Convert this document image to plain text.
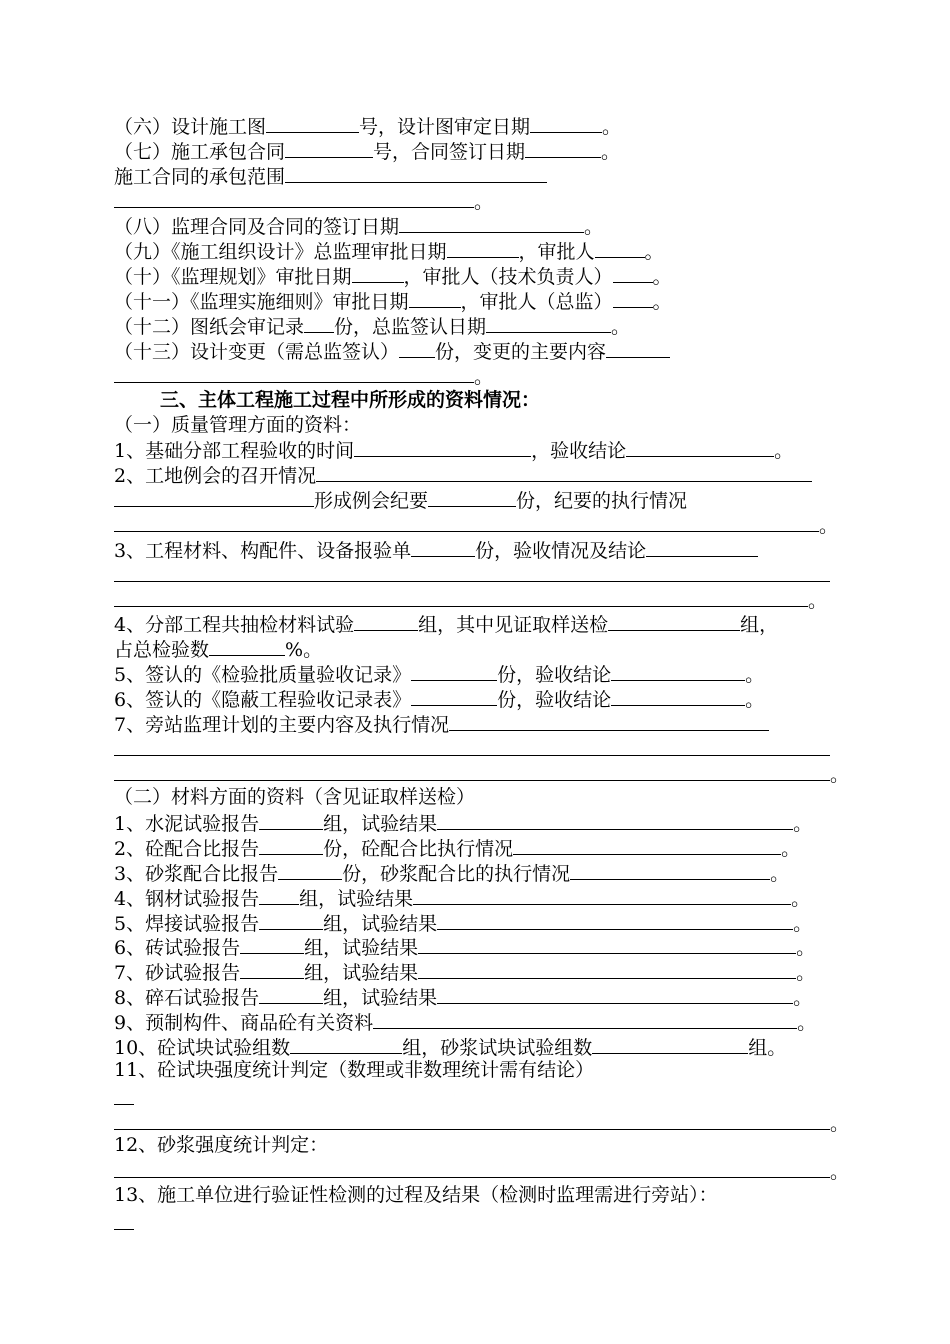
（六）设计施工图	号，设计图审定日期	。
（七）施工承包合同	号，合同签订日期	。
施工合同的承包范围
。
（八）监理合同及合同的签订日期	。
（九）《施工组织设计》总监理审批日期	，审批人	。
（十）《监理规划》审批日期	，审批人（技术负责人） 。
（十一）《监理实施细则》审批日期	，审批人（总监） 。
（十二）图纸会审记录 份，总监签认日期	。
（十三）设计变更（需总监签认） 份，变更的主要内容
。
三、主体工程施工过程中所形成的资料情况：
（一）质量管理方面的资料：
1、基础分部工程验收的时间	，验收结论	。
2、工地例会的召开情况
形成例会纪要	份，纪要的执行情况
。
3、工程材料、构配件、设备报验单	份，验收情况及结论
。
4、分部工程共抽检材料试验	组，其中见证取样送检	组，
占总检验数	%。
5、签认的《检验批质量验收记录》	份，验收结论	。
6、签认的《隐蔽工程验收记录表》	份，验收结论	。
7、旁站监理计划的主要内容及执行情况
。
（二）材料方面的资料（含见证取样送检）
1、水泥试验报告	组，试验结果	。
2、砼配合比报告	份，砼配合比执行情况	。
3、砂浆配合比报告	份，砂浆配合比的执行情况	。
4、钢材试验报告 组，试验结果	。
5、焊接试验报告	组，试验结果	。
6、砖试验报告	组，试验结果	。
7、砂试验报告	组，试验结果	。
8、碎石试验报告	组，试验结果	。
9、预制构件、商品砼有关资料	。
10、砼试块试验组数	组，砂浆试块试验组数	组。
11、砼试块强度统计判定（数理或非数理统计需有结论）
。
12、砂浆强度统计判定：
。
13、施工单位进行验证性检测的过程及结果（检测时监理需进行旁站）：
